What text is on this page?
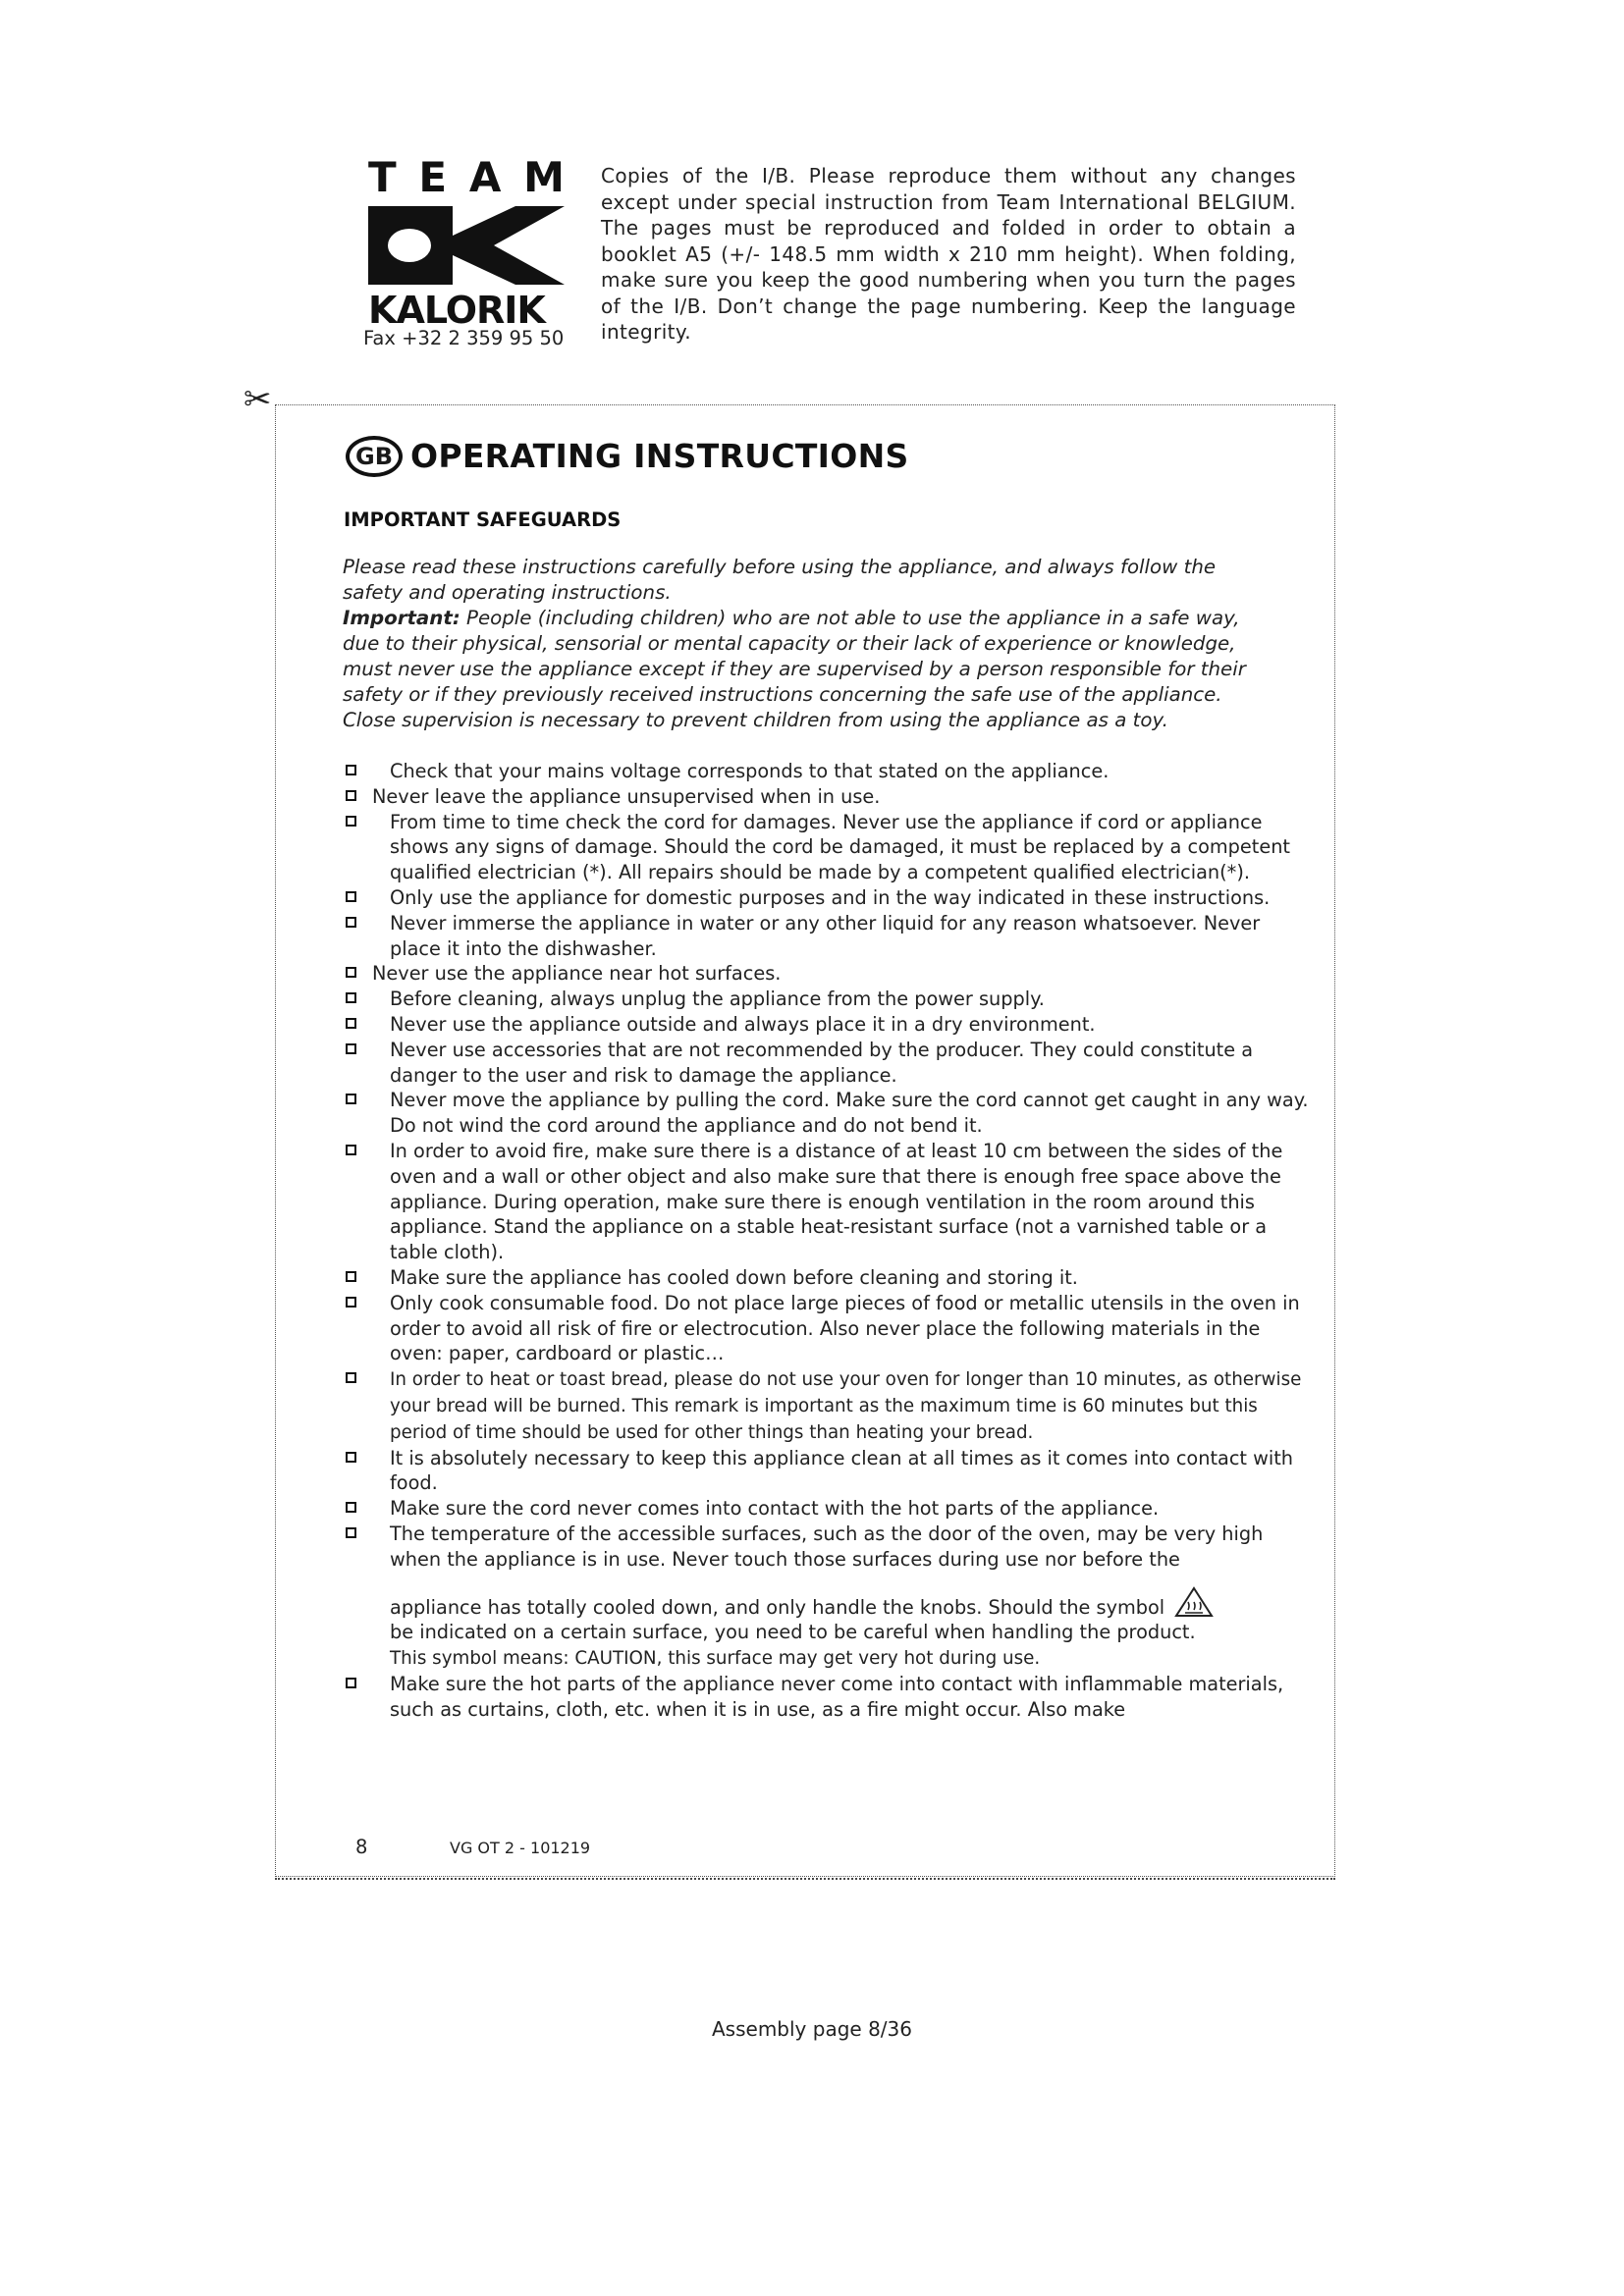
T E A M
KALORIK
Fax +32 2 359 95 50
Copies of the I/B. Please reproduce them without any changes except under special instruction from Team International BELGIUM. The pages must be reproduced and folded in order to obtain a booklet A5 (+/- 148.5 mm width x 210 mm height). When folding, make sure you keep the good numbering when you turn the pages of the I/B. Don’t change the page numbering. Keep the language integrity.
✂
GB OPERATING INSTRUCTIONS
IMPORTANT SAFEGUARDS

Please read these instructions carefully before using the appliance, and always follow the safety and operating instructions.

Important: People (including children) who are not able to use the appliance in a safe way, due to their physical, sensorial or mental capacity or their lack of experience or knowledge, must never use the appliance except if they are supervised by a person responsible for their safety or if they previously received instructions concerning the safe use of the appliance.

Close supervision is necessary to prevent children from using the appliance as a toy.

Check that your mains voltage corresponds to that stated on the appliance.
Never leave the appliance unsupervised when in use.
From time to time check the cord for damages. Never use the appliance if cord or appliance shows any signs of damage. Should the cord be damaged, it must be replaced by a competent qualified electrician (*). All repairs should be made by a competent qualified electrician(*).
Only use the appliance for domestic purposes and in the way indicated in these instructions.
Never immerse the appliance in water or any other liquid for any reason whatsoever. Never place it into the dishwasher.
Never use the appliance near hot surfaces.
Before cleaning, always unplug the appliance from the power supply.
Never use the appliance outside and always place it in a dry environment.
Never use accessories that are not recommended by the producer. They could constitute a danger to the user and risk to damage the appliance.
Never move the appliance by pulling the cord. Make sure the cord cannot get caught in any way. Do not wind the cord around the appliance and do not bend it.
In order to avoid fire, make sure there is a distance of at least 10 cm between the sides of the oven and a wall or other object and also make sure that there is enough free space above the appliance. During operation, make sure there is enough ventilation in the room around this appliance. Stand the appliance on a stable heat-resistant surface (not a varnished table or a table cloth).
Make sure the appliance has cooled down before cleaning and storing it.
Only cook consumable food. Do not place large pieces of food or metallic utensils in the oven in order to avoid all risk of fire or electrocution. Also never place the following materials in the oven: paper, cardboard or plastic…
In order to heat or toast bread, please do not use your oven for longer than 10 minutes, as otherwise your bread will be burned. This remark is important as the maximum time is 60 minutes but this period of time should be used for other things than heating your bread.
It is absolutely necessary to keep this appliance clean at all times as it comes into contact with food.
Make sure the cord never comes into contact with the hot parts of the appliance.
The temperature of the accessible surfaces, such as the door of the oven, may be very high when the appliance is in use. Never touch those surfaces during use nor before the
appliance has totally cooled down, and only handle the knobs. Should the symbol
be indicated on a certain surface, you need to be careful when handling the product.
This symbol means: CAUTION, this surface may get very hot during use.
Make sure the hot parts of the appliance never come into contact with inflammable materials, such as curtains, cloth, etc. when it is in use, as a fire might occur. Also make
8	VG OT 2 - 101219
Assembly page 8/36
